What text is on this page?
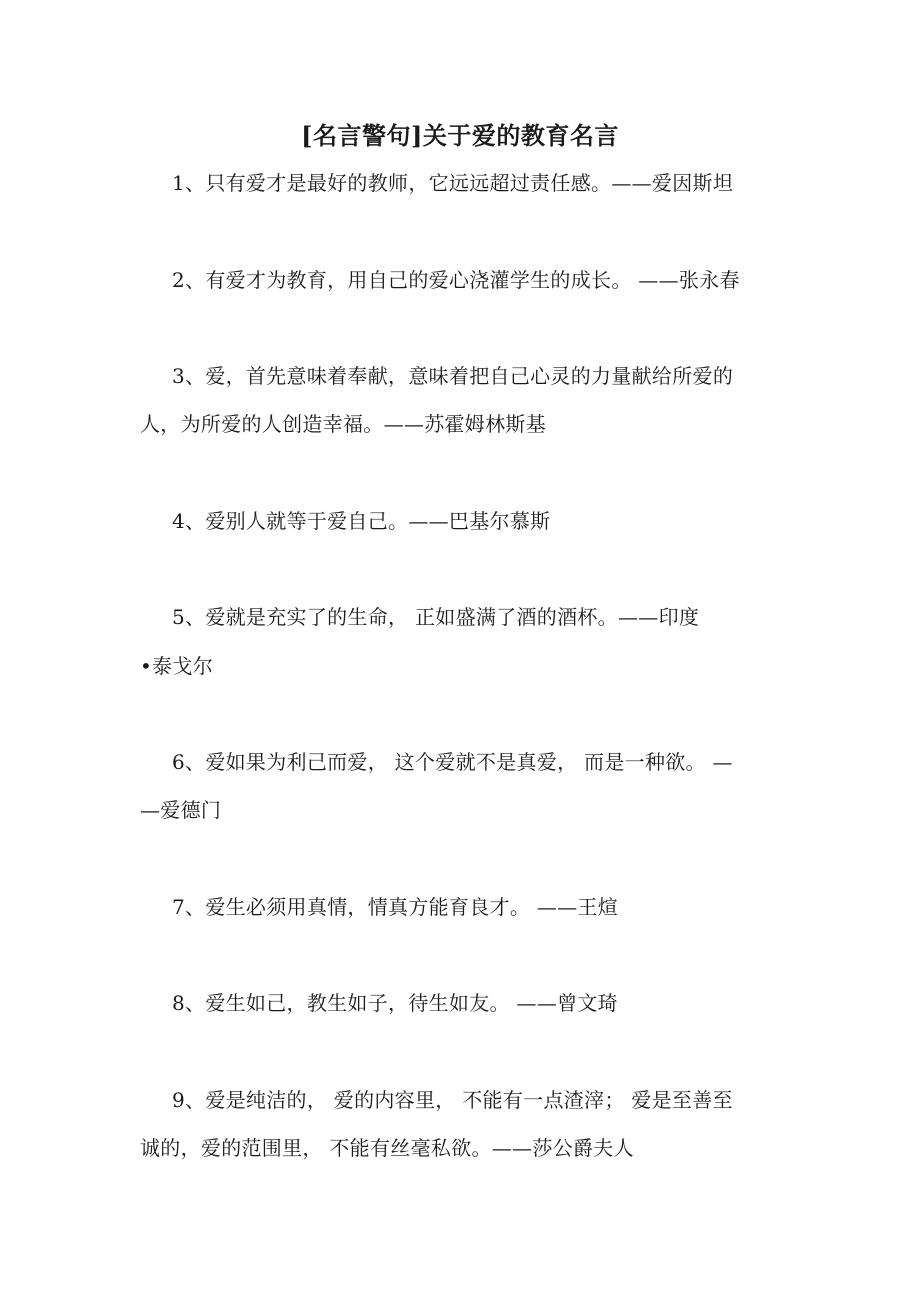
[名言警句]关于爱的教育名言
1、只有爱才是最好的教师，它远远超过责任感。——爱因斯坦
2、有爱才为教育，用自己的爱心浇灌学生的成长。 ——张永春
3、爱，首先意味着奉献，意味着把自己心灵的力量献给所爱的
人，为所爱的人创造幸福。——苏霍姆林斯基
4、爱别人就等于爱自己。——巴基尔慕斯
5、爱就是充实了的生命， 正如盛满了酒的酒杯。——印度
•泰戈尔
6、爱如果为利己而爱， 这个爱就不是真爱， 而是一种欲。 —
—爱德门
7、爱生必须用真情，情真方能育良才。 ——王煊
8、爱生如己，教生如子，待生如友。 ——曾文琦
9、爱是纯洁的， 爱的内容里， 不能有一点渣滓； 爱是至善至
诚的，爱的范围里， 不能有丝毫私欲。——莎公爵夫人
